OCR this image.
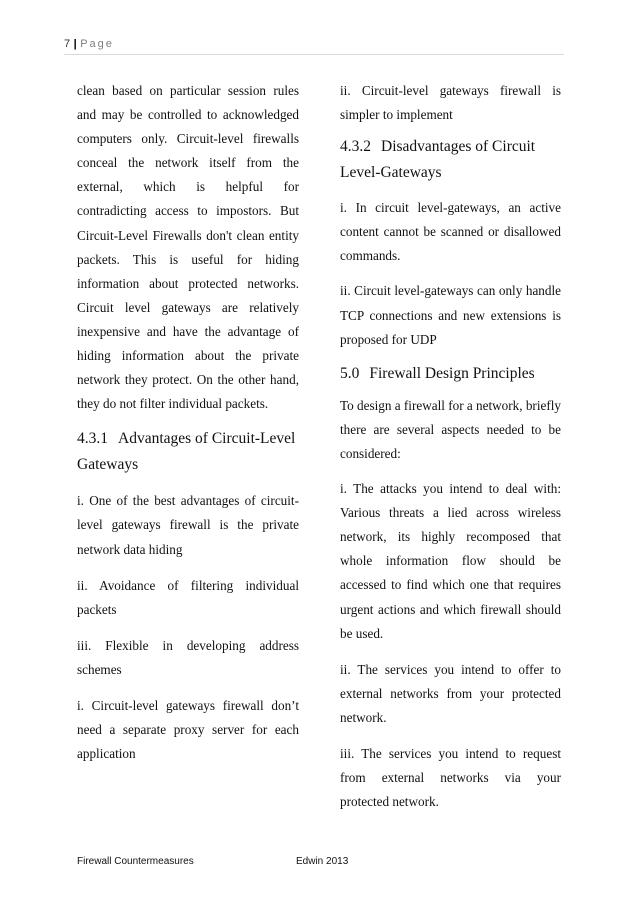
7 | Page

clean based on particular session rules and may be controlled to acknowledged computers only. Circuit-level firewalls conceal the network itself from the external, which is helpful for contradicting access to impostors. But Circuit-Level Firewalls don't clean entity packets. This is useful for hiding information about protected networks. Circuit level gateways are relatively inexpensive and have the advantage of hiding information about the private network they protect. On the other hand, they do not filter individual packets.

4.3.1 Advantages of Circuit-Level Gateways

i. One of the best advantages of circuit-level gateways firewall is the private network data hiding

ii. Avoidance of filtering individual packets

iii. Flexible in developing address schemes

i. Circuit-level gateways firewall don’t need a separate proxy server for each application

ii. Circuit-level gateways firewall is simpler to implement

4.3.2 Disadvantages of Circuit Level-Gateways

i. In circuit level-gateways, an active content cannot be scanned or disallowed commands.

ii. Circuit level-gateways can only handle TCP connections and new extensions is proposed for UDP

5.0 Firewall Design Principles

To design a firewall for a network, briefly there are several aspects needed to be considered:

i. The attacks you intend to deal with: Various threats a lied across wireless network, its highly recomposed that whole information flow should be accessed to find which one that requires urgent actions and which firewall should be used.

ii. The services you intend to offer to external networks from your protected network.

iii. The services you intend to request from external networks via your protected network.

Firewall Countermeasures	Edwin 2013
